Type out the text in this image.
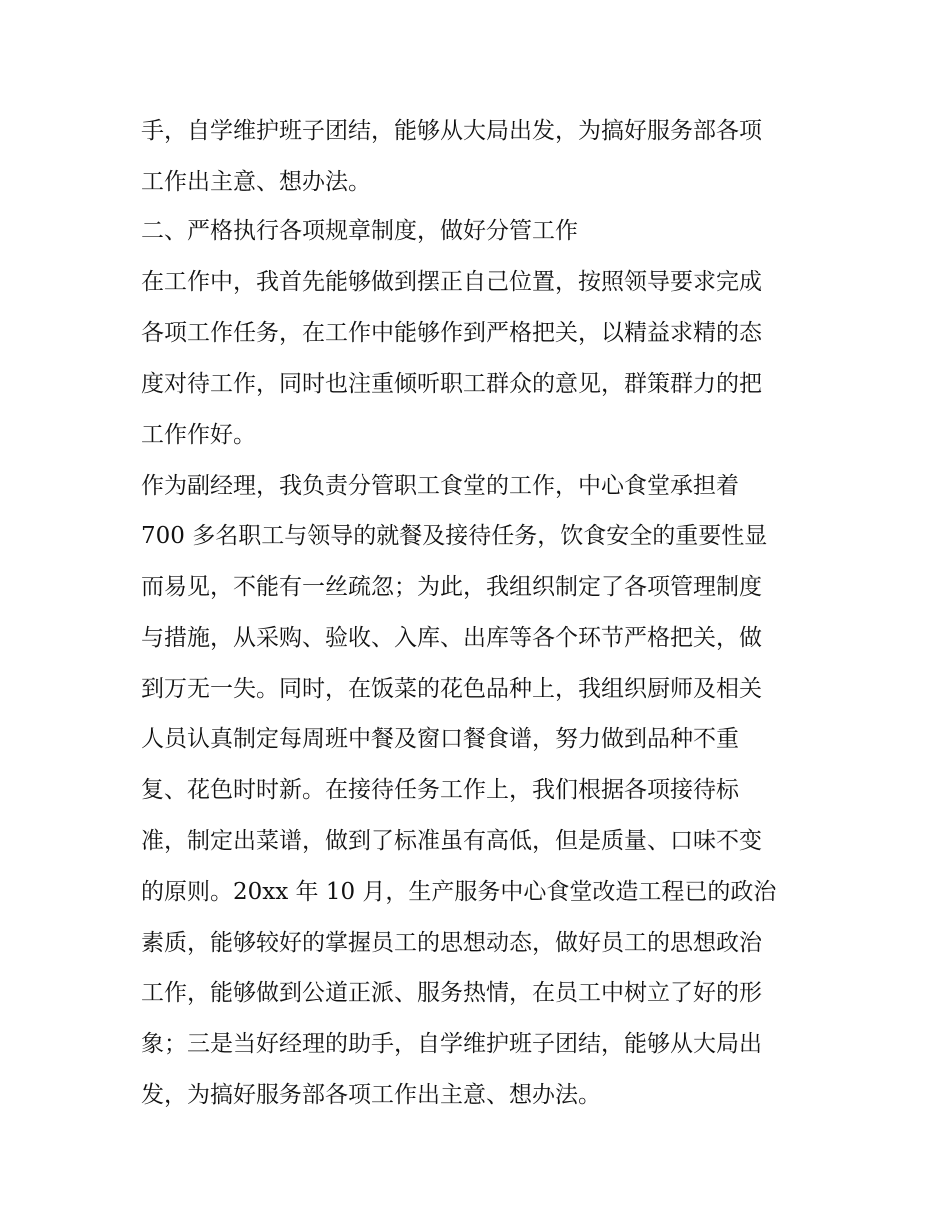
手，自学维护班子团结，能够从大局出发，为搞好服务部各项
工作出主意、想办法。
二、严格执行各项规章制度，做好分管工作
在工作中，我首先能够做到摆正自己位置，按照领导要求完成
各项工作任务，在工作中能够作到严格把关，以精益求精的态
度对待工作，同时也注重倾听职工群众的意见，群策群力的把
工作作好。
作为副经理，我负责分管职工食堂的工作，中心食堂承担着
700 多名职工与领导的就餐及接待任务，饮食安全的重要性显
而易见，不能有一丝疏忽；为此，我组织制定了各项管理制度
与措施，从采购、验收、入库、出库等各个环节严格把关，做
到万无一失。同时，在饭菜的花色品种上，我组织厨师及相关
人员认真制定每周班中餐及窗口餐食谱，努力做到品种不重
复、花色时时新。在接待任务工作上，我们根据各项接待标
准，制定出菜谱，做到了标准虽有高低，但是质量、口味不变
的原则。20xx 年 10 月，生产服务中心食堂改造工程已的政治
素质，能够较好的掌握员工的思想动态，做好员工的思想政治
工作，能够做到公道正派、服务热情，在员工中树立了好的形
象；三是当好经理的助手，自学维护班子团结，能够从大局出
发，为搞好服务部各项工作出主意、想办法。
